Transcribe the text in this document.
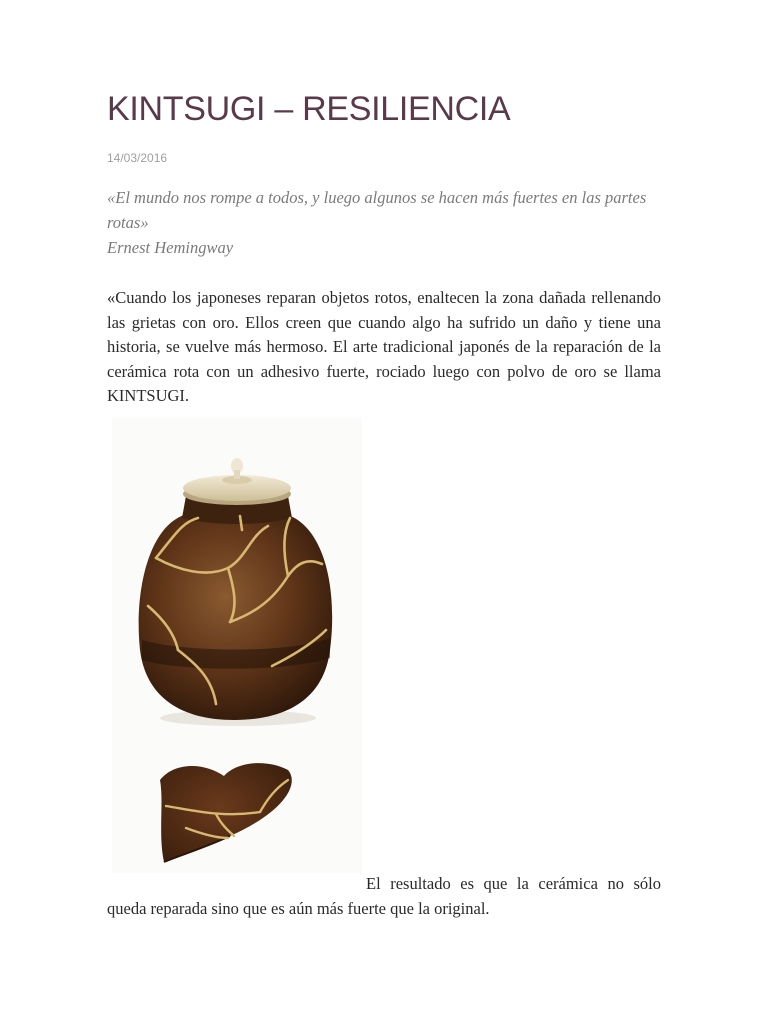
KINTSUGI – RESILIENCIA
14/03/2016
«El mundo nos rompe a todos, y luego algunos se hacen más fuertes en las partes rotas»
Ernest Hemingway

«Cuando los japoneses reparan objetos rotos, enaltecen la zona dañada rellenando las grietas con oro. Ellos creen que cuando algo ha sufrido un daño y tiene una historia, se vuelve más hermoso. El arte tradicional japonés de la reparación de la cerámica rota con un adhesivo fuerte, rociado luego con polvo de oro se llama KINTSUGI.

El resultado es que la cerámica no sólo queda reparada sino que es aún más fuerte que la original.
